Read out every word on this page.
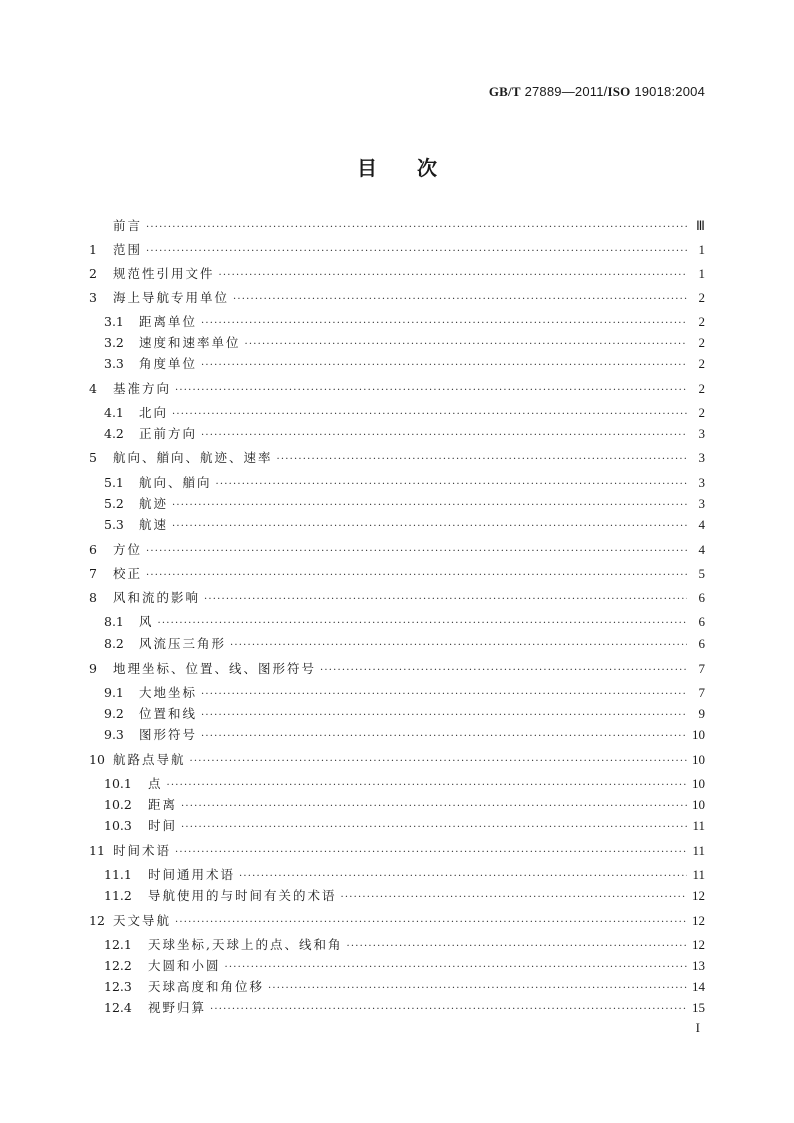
GB/T 27889—2011/ISO 19018:2004
目次
前言 ·····	Ⅲ
1	范围 ·····	1
2	规范性引用文件 ·····	1
3	海上导航专用单位 ·····	2
3.1	距离单位 ·····	2
3.2	速度和速率单位 ·····	2
3.3	角度单位 ·····	2
4	基准方向 ·····	2
4.1	北向 ·····	2
4.2	正前方向 ·····	3
5	航向、艏向、航迹、速率 ·····	3
5.1	航向、艏向 ·····	3
5.2	航迹 ·····	3
5.3	航速 ·····	4
6	方位 ·····	4
7	校正 ·····	5
8	风和流的影响 ·····	6
8.1	风 ·····	6
8.2	风流压三角形 ·····	6
9	地理坐标、位置、线、图形符号 ·····	7
9.1	大地坐标 ·····	7
9.2	位置和线 ·····	9
9.3	图形符号 ·····	10
10 航路点导航 ·····	10
10.1	点 ·····	10
10.2	距离 ·····	10
10.3	时间 ·····	11
11 时间术语 ·····	11
11.1	时间通用术语 ·····	11
11.2	导航使用的与时间有关的术语 ·····	12
12 天文导航 ·····	12
12.1	天球坐标,天球上的点、线和角 ·····	12
12.2	大圆和小圆 ·····	13
12.3	天球高度和角位移 ·····	14
12.4	视野归算 ·····	15
I
